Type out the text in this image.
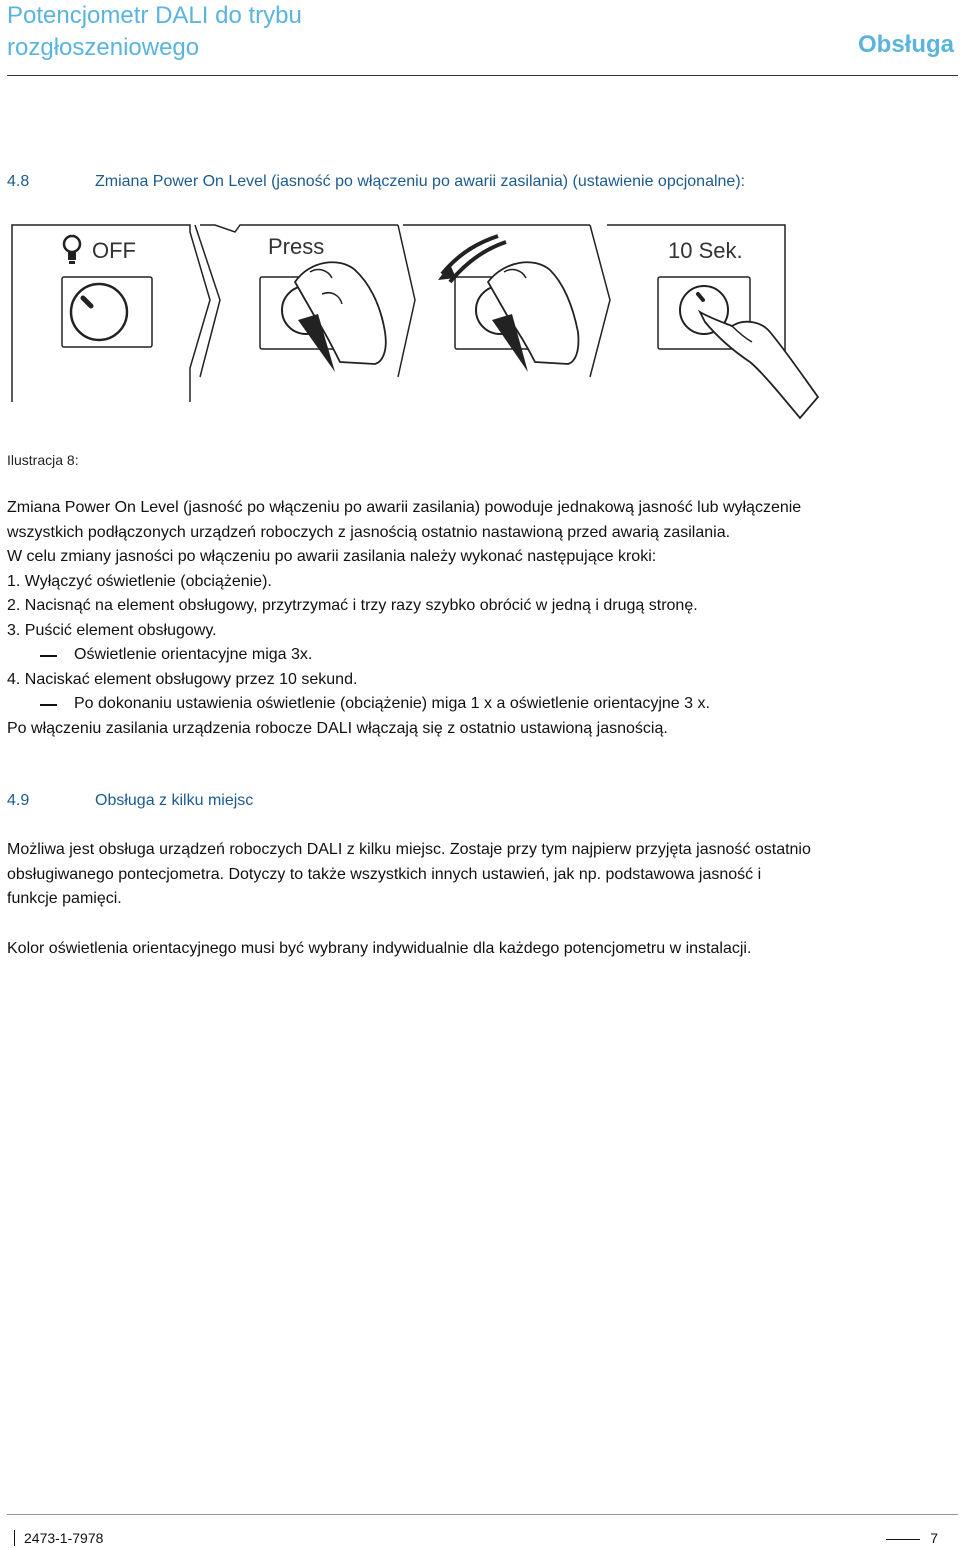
Potencjometr DALI do trybu
rozgłoszeniowego	Obsługa
4.8	Zmiana Power On Level (jasność po włączeniu po awarii zasilania) (ustawienie opcjonalne):
OFF	Press	10 Sek.
Ilustracja 8:
Zmiana Power On Level (jasność po włączeniu po awarii zasilania) powoduje jednakową jasność lub wyłączenie
wszystkich podłączonych urządzeń roboczych z jasnością ostatnio nastawioną przed awarią zasilania.
W celu zmiany jasności po włączeniu po awarii zasilania należy wykonać następujące kroki:
1. Wyłączyć oświetlenie (obciążenie).
2. Nacisnąć na element obsługowy, przytrzymać i trzy razy szybko obrócić w jedną i drugą stronę.
3. Puścić element obsługowy.
Oświetlenie orientacyjne miga 3x.
4. Naciskać element obsługowy przez 10 sekund.
Po dokonaniu ustawienia oświetlenie (obciążenie) miga 1 x a oświetlenie orientacyjne 3 x.
Po włączeniu zasilania urządzenia robocze DALI włączają się z ostatnio ustawioną jasnością.
4.9	Obsługa z kilku miejsc
Możliwa jest obsługa urządzeń roboczych DALI z kilku miejsc. Zostaje przy tym najpierw przyjęta jasność ostatnio
obsługiwanego pontecjometra. Dotyczy to także wszystkich innych ustawień, jak np. podstawowa jasność i
funkcje pamięci.
Kolor oświetlenia orientacyjnego musi być wybrany indywidualnie dla każdego potencjometru w instalacji.
2473-1-7978	7
